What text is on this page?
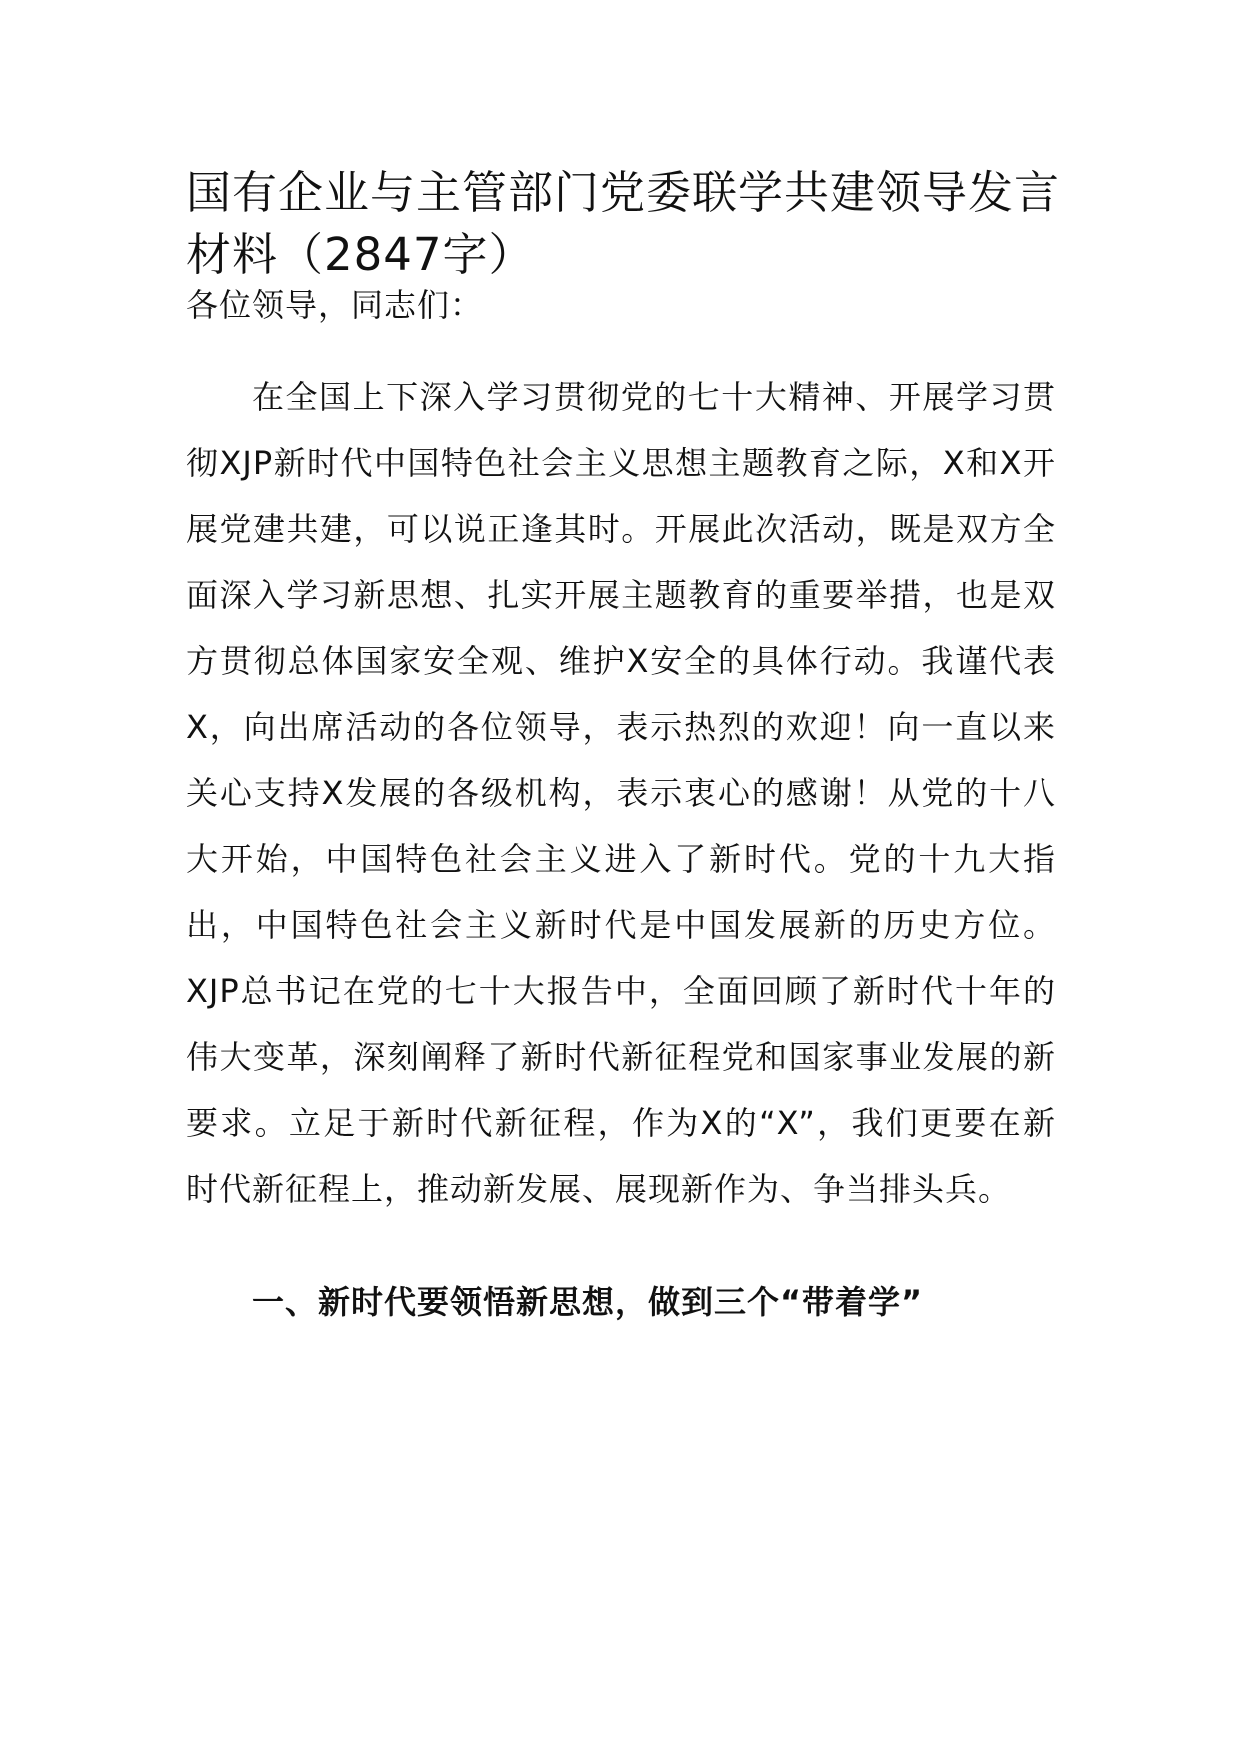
国有企业与主管部门党委联学共建领导发言材料（2847字）

各位领导，同志们：

在全国上下深入学习贯彻党的七十大精神、开展学习贯彻XJP新时代中国特色社会主义思想主题教育之际，X和X开展党建共建，可以说正逢其时。开展此次活动，既是双方全面深入学习新思想、扎实开展主题教育的重要举措，也是双方贯彻总体国家安全观、维护X安全的具体行动。我谨代表X，向出席活动的各位领导，表示热烈的欢迎！向一直以来关心支持X发展的各级机构，表示衷心的感谢！从党的十八大开始，中国特色社会主义进入了新时代。党的十九大指出，中国特色社会主义新时代是中国发展新的历史方位。XJP总书记在党的七十大报告中，全面回顾了新时代十年的伟大变革，深刻阐释了新时代新征程党和国家事业发展的新要求。立足于新时代新征程，作为X的“X”，我们更要在新时代新征程上，推动新发展、展现新作为、争当排头兵。

一、新时代要领悟新思想，做到三个“带着学”
